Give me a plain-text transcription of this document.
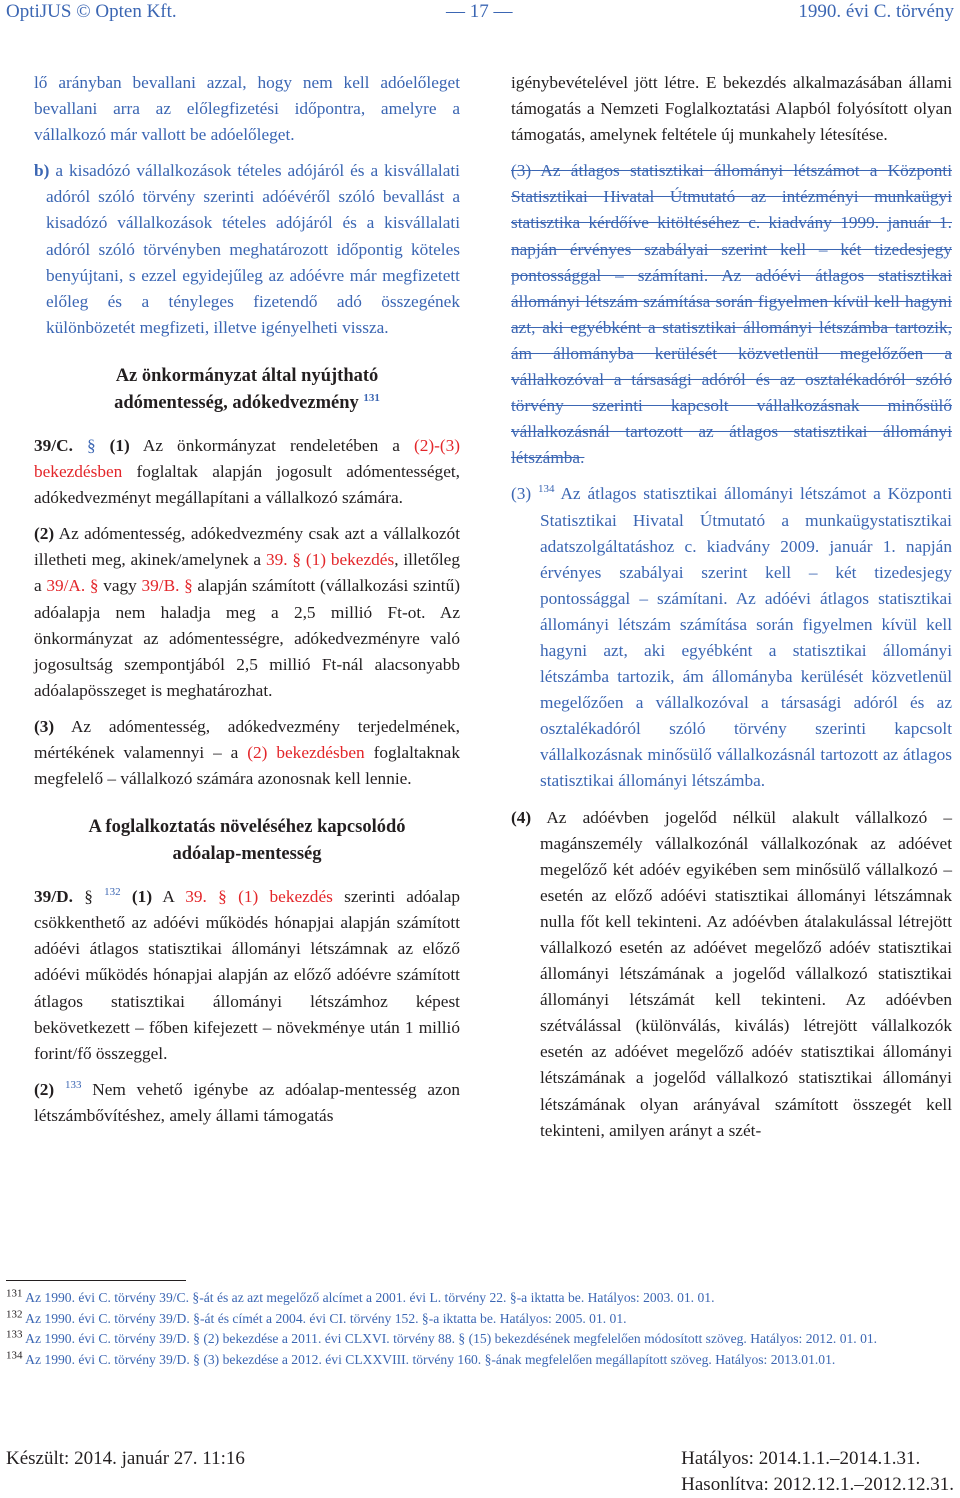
OptiJUS © Opten Kft.	— 17 —	1990. évi C. törvény

lő arányban bevallani azzal, hogy nem kell adóelőleget bevallani arra az előlegfizetési időpontra, amelyre a vállalkozó már vallott be adóelőleget.

b) a kisadózó vállalkozások tételes adójáról és a kisvállalati adóról szóló törvény szerinti adóévéről szóló bevallást a kisadózó vállalkozások tételes adójáról és a kisvállalati adóról szóló törvényben meghatározott időpontig köteles benyújtani, s ezzel egyidejűleg az adóévre már megfizetett előleg és a tényleges fizetendő adó összegének különbözetét megfizeti, illetve igényelheti vissza.

Az önkormányzat által nyújtható
adómentesség, adókedvezmény $^{131}$

39/C. § (1) Az önkormányzat rendeletében a (2)-(3) bekezdésben foglaltak alapján jogosult adómentességet, adókedvezményt megállapítani a vállalkozó számára.

(2) Az adómentesség, adókedvezmény csak azt a vállalkozót illetheti meg, akinek/amelynek a 39. § (1) bekezdés, illetőleg a 39/A. § vagy 39/B. § alapján számított (vállalkozási szintű) adóalapja nem haladja meg a 2,5 millió Ft-ot. Az önkormányzat az adómentességre, adókedvezményre való jogosultság szempontjából 2,5 millió Ft-nál alacsonyabb adóalapösszeget is meghatározhat.

(3) Az adómentesség, adókedvezmény terjedelmének, mértékének valamennyi – a (2) bekezdésben foglaltaknak megfelelő – vállalkozó számára azonosnak kell lennie.

A foglalkoztatás növeléséhez kapcsolódó
adóalap-mentesség

39/D. § $^{132}$ (1) A 39. § (1) bekezdés szerinti adóalap csökkenthető az adóévi működés hónapjai alapján számított adóévi átlagos statisztikai állományi létszámnak az előző adóévi működés hónapjai alapján az előző adóévre számított átlagos statisztikai állományi létszámhoz képest bekövetkezett – főben kifejezett – növekménye után 1 millió forint/fő összeggel.

(2) $^{133}$ Nem vehető igénybe az adóalap-mentesség azon létszámbővítéshez, amely állami támogatás

igénybevételével jött létre. E bekezdés alkalmazásában állami támogatás a Nemzeti Foglalkoztatási Alapból folyósított olyan támogatás, amelynek feltétele új munkahely létesítése.

(3) Az átlagos statisztikai állományi létszámot a Központi Statisztikai Hivatal Útmutató az intézményi munkaügyi statisztika kérdőíve kitöltéséhez c. kiadvány 1999. január 1. napján érvényes szabályai szerint kell – két tizedesjegy pontossággal – számítani. Az adóévi átlagos statisztikai állományi létszám számítása során figyelmen kívül kell hagyni azt, aki egyébként a statisztikai állományi létszámba tartozik, ám állományba kerülését közvetlenül megelőzően a vállalkozóval a társasági adóról és az osztalékadóról szóló törvény szerinti kapcsolt vállalkozásnak minősülő vállalkozásnál tartozott az átlagos statisztikai állományi létszámba.

(3) $^{134}$ Az átlagos statisztikai állományi létszámot a Központi Statisztikai Hivatal Útmutató a munkaügystatisztikai adatszolgáltatáshoz c. kiadvány 2009. január 1. napján érvényes szabályai szerint kell – két tizedesjegy pontossággal – számítani. Az adóévi átlagos statisztikai állományi létszám számítása során figyelmen kívül kell hagyni azt, aki egyébként a statisztikai állományi létszámba tartozik, ám állományba kerülését közvetlenül megelőzően a vállalkozóval a társasági adóról és az osztalékadóról szóló törvény szerinti kapcsolt vállalkozásnak minősülő vállalkozásnál tartozott az átlagos statisztikai állományi létszámba.

(4) Az adóévben jogelőd nélkül alakult vállalkozó – magánszemély vállalkozónál vállalkozónak az adóévet megelőző két adóév egyikében sem minősülő vállalkozó – esetén az előző adóévi statisztikai állományi létszámnak nulla főt kell tekinteni. Az adóévben átalakulással létrejött vállalkozó esetén az adóévet megelőző adóév statisztikai állományi létszámának a jogelőd vállalkozó statisztikai állományi létszámát kell tekinteni. Az adóévben szétválással (különválás, kiválás) létrejött vállalkozók esetén az adóévet megelőző adóév statisztikai állományi létszámának a jogelőd vállalkozó statisztikai állományi létszámának olyan arányával számított összegét kell tekinteni, amilyen arányt a szét-

$^{131}$ Az 1990. évi C. törvény 39/C. §-át és az azt megelőző alcímet a 2001. évi L. törvény 22. §-a iktatta be. Hatályos: 2003. 01. 01.

$^{132}$ Az 1990. évi C. törvény 39/D. §-át és címét a 2004. évi CI. törvény 152. §-a iktatta be. Hatályos: 2005. 01. 01.

$^{133}$ Az 1990. évi C. törvény 39/D. § (2) bekezdése a 2011. évi CLXVI. törvény 88. § (15) bekezdésének megfelelően módosított szöveg. Hatályos: 2012. 01. 01.

$^{134}$ Az 1990. évi C. törvény 39/D. § (3) bekezdése a 2012. évi CLXXVIII. törvény 160. §-ának megfelelően megállapított szöveg. Hatályos: 2013.01.01.

Készült: 2014. január 27. 11:16	Hatályos: 2014.1.1.–2014.1.31.
Hasonlítva: 2012.12.1.–2012.12.31.
